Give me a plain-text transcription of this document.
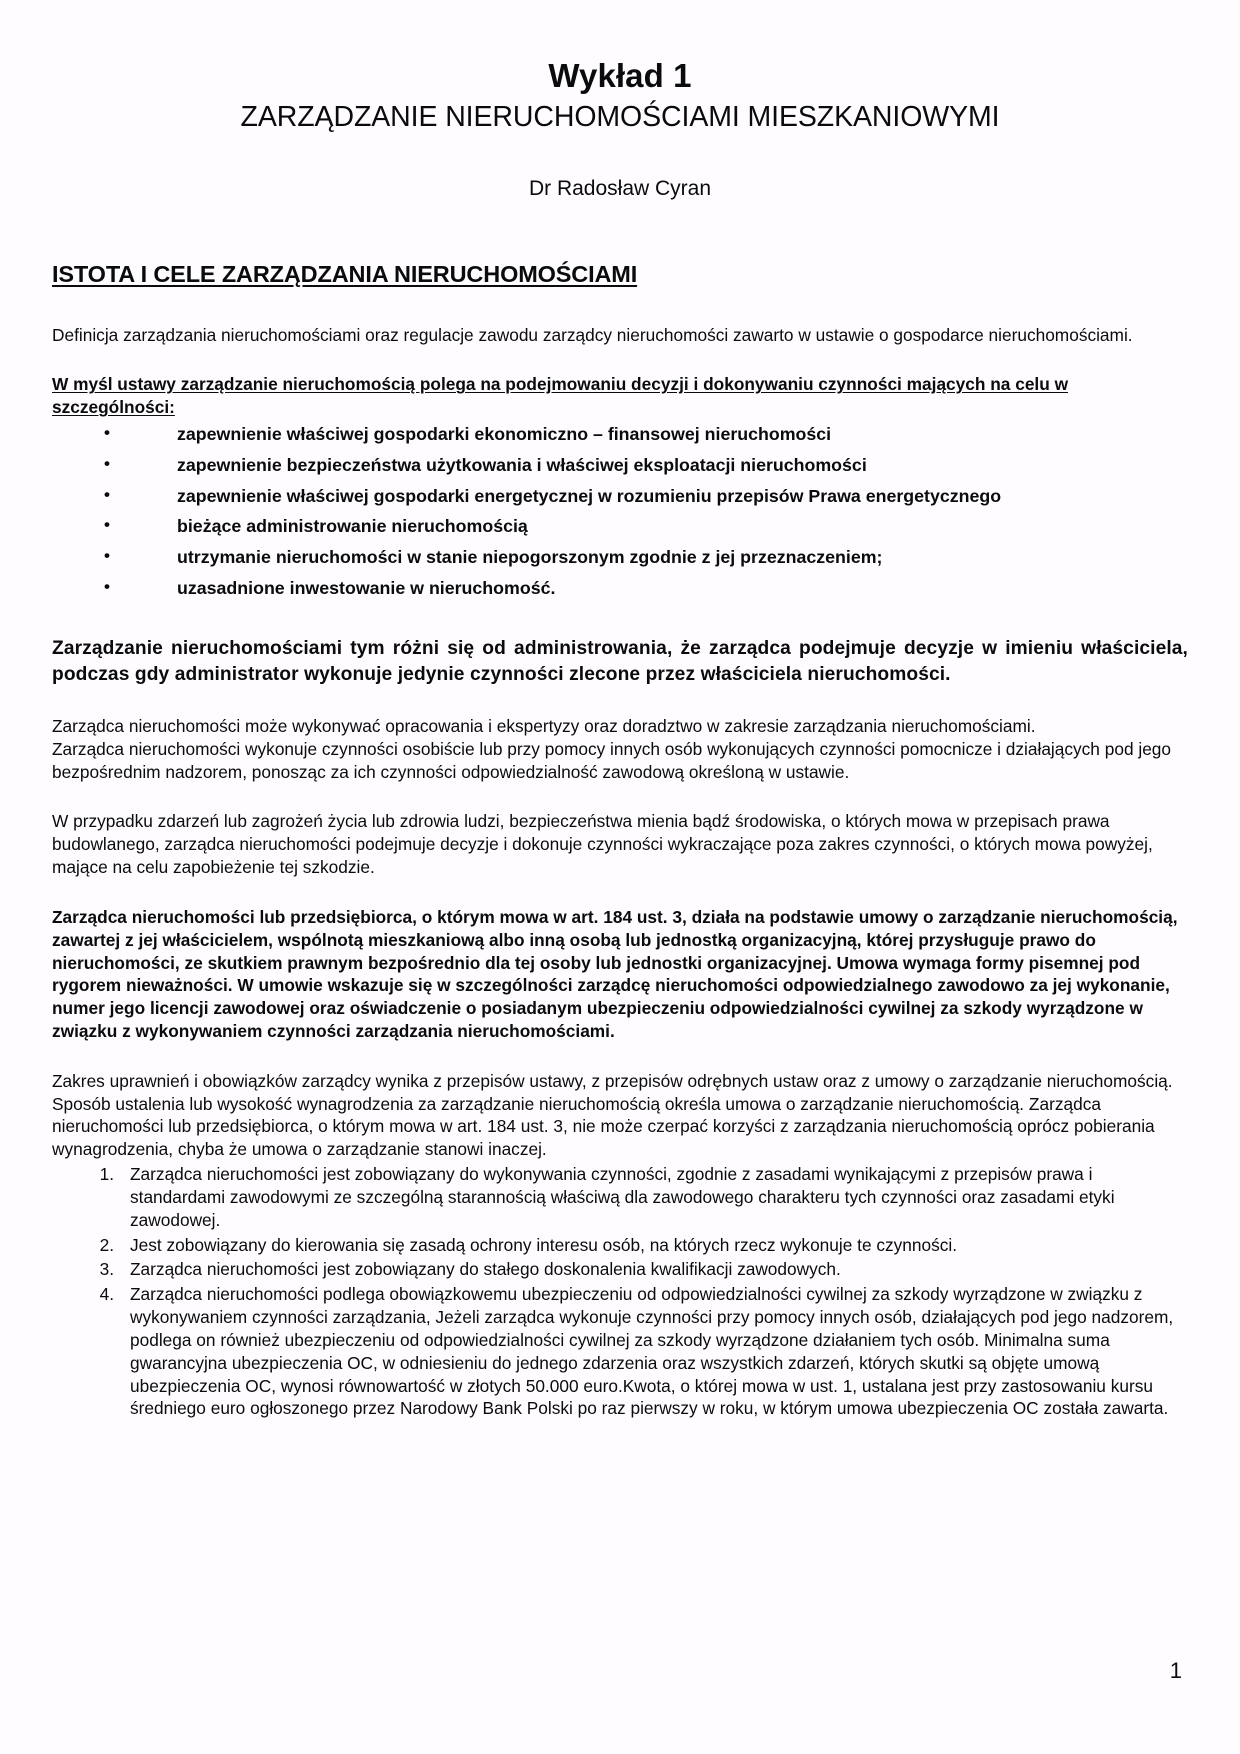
Wykład 1
ZARZĄDZANIE NIERUCHOMOŚCIAMI MIESZKANIOWYMI

Dr Radosław Cyran

ISTOTA I CELE ZARZĄDZANIA NIERUCHOMOŚCIAMI

Definicja zarządzania nieruchomościami oraz regulacje zawodu zarządcy nieruchomości zawarto w ustawie o gospodarce nieruchomościami.

W myśl ustawy zarządzanie nieruchomością polega na podejmowaniu decyzji i dokonywaniu czynności mających na celu w szczególności:

• zapewnienie właściwej gospodarki ekonomiczno – finansowej nieruchomości
• zapewnienie bezpieczeństwa użytkowania i właściwej eksploatacji nieruchomości
• zapewnienie właściwej gospodarki energetycznej w rozumieniu przepisów Prawa energetycznego
• bieżące administrowanie nieruchomością
• utrzymanie nieruchomości w stanie niepogorszonym zgodnie z jej przeznaczeniem;
• uzasadnione inwestowanie w nieruchomość.

Zarządzanie nieruchomościami tym różni się od administrowania, że zarządca podejmuje decyzje w imieniu właściciela, podczas gdy administrator wykonuje jedynie czynności zlecone przez właściciela nieruchomości.

Zarządca nieruchomości może wykonywać opracowania i ekspertyzy oraz doradztwo w zakresie zarządzania nieruchomościami.

Zarządca nieruchomości wykonuje czynności osobiście lub przy pomocy innych osób wykonujących czynności pomocnicze i działających pod jego bezpośrednim nadzorem, ponosząc za ich czynności odpowiedzialność zawodową określoną w ustawie.

W przypadku zdarzeń lub zagrożeń życia lub zdrowia ludzi, bezpieczeństwa mienia bądź środowiska, o których mowa w przepisach prawa budowlanego, zarządca nieruchomości podejmuje decyzje i dokonuje czynności wykraczające poza zakres czynności, o których mowa powyżej, mające na celu zapobieżenie tej szkodzie.

Zarządca nieruchomości lub przedsiębiorca, o którym mowa w art. 184 ust. 3, działa na podstawie umowy o zarządzanie nieruchomością, zawartej z jej właścicielem, wspólnotą mieszkaniową albo inną osobą lub jednostką organizacyjną, której przysługuje prawo do nieruchomości, ze skutkiem prawnym bezpośrednio dla tej osoby lub jednostki organizacyjnej. Umowa wymaga formy pisemnej pod rygorem nieważności. W umowie wskazuje się w szczególności zarządcę nieruchomości odpowiedzialnego zawodowo za jej wykonanie, numer jego licencji zawodowej oraz oświadczenie o posiadanym ubezpieczeniu odpowiedzialności cywilnej za szkody wyrządzone w związku z wykonywaniem czynności zarządzania nieruchomościami.

Zakres uprawnień i obowiązków zarządcy wynika z przepisów ustawy, z przepisów odrębnych ustaw oraz z umowy o zarządzanie nieruchomością. Sposób ustalenia lub wysokość wynagrodzenia za zarządzanie nieruchomością określa umowa o zarządzanie nieruchomością. Zarządca nieruchomości lub przedsiębiorca, o którym mowa w art. 184 ust. 3, nie może czerpać korzyści z zarządzania nieruchomością oprócz pobierania wynagrodzenia, chyba że umowa o zarządzanie stanowi inaczej.

Zarządca nieruchomości jest zobowiązany do wykonywania czynności, zgodnie z zasadami wynikającymi z przepisów prawa i standardami zawodowymi ze szczególną starannością właściwą dla zawodowego charakteru tych czynności oraz zasadami etyki zawodowej.
Jest zobowiązany do kierowania się zasadą ochrony interesu osób, na których rzecz wykonuje te czynności.
Zarządca nieruchomości jest zobowiązany do stałego doskonalenia kwalifikacji zawodowych.
Zarządca nieruchomości podlega obowiązkowemu ubezpieczeniu od odpowiedzialności cywilnej za szkody wyrządzone w związku z wykonywaniem czynności zarządzania, Jeżeli zarządca wykonuje czynności przy pomocy innych osób, działających pod jego nadzorem, podlega on również ubezpieczeniu od odpowiedzialności cywilnej za szkody wyrządzone działaniem tych osób. Minimalna suma gwarancyjna ubezpieczenia OC, w odniesieniu do jednego zdarzenia oraz wszystkich zdarzeń, których skutki są objęte umową ubezpieczenia OC, wynosi równowartość w złotych 50.000 euro.Kwota, o której mowa w ust. 1, ustalana jest przy zastosowaniu kursu średniego euro ogłoszonego przez Narodowy Bank Polski po raz pierwszy w roku, w którym umowa ubezpieczenia OC została zawarta.
1
